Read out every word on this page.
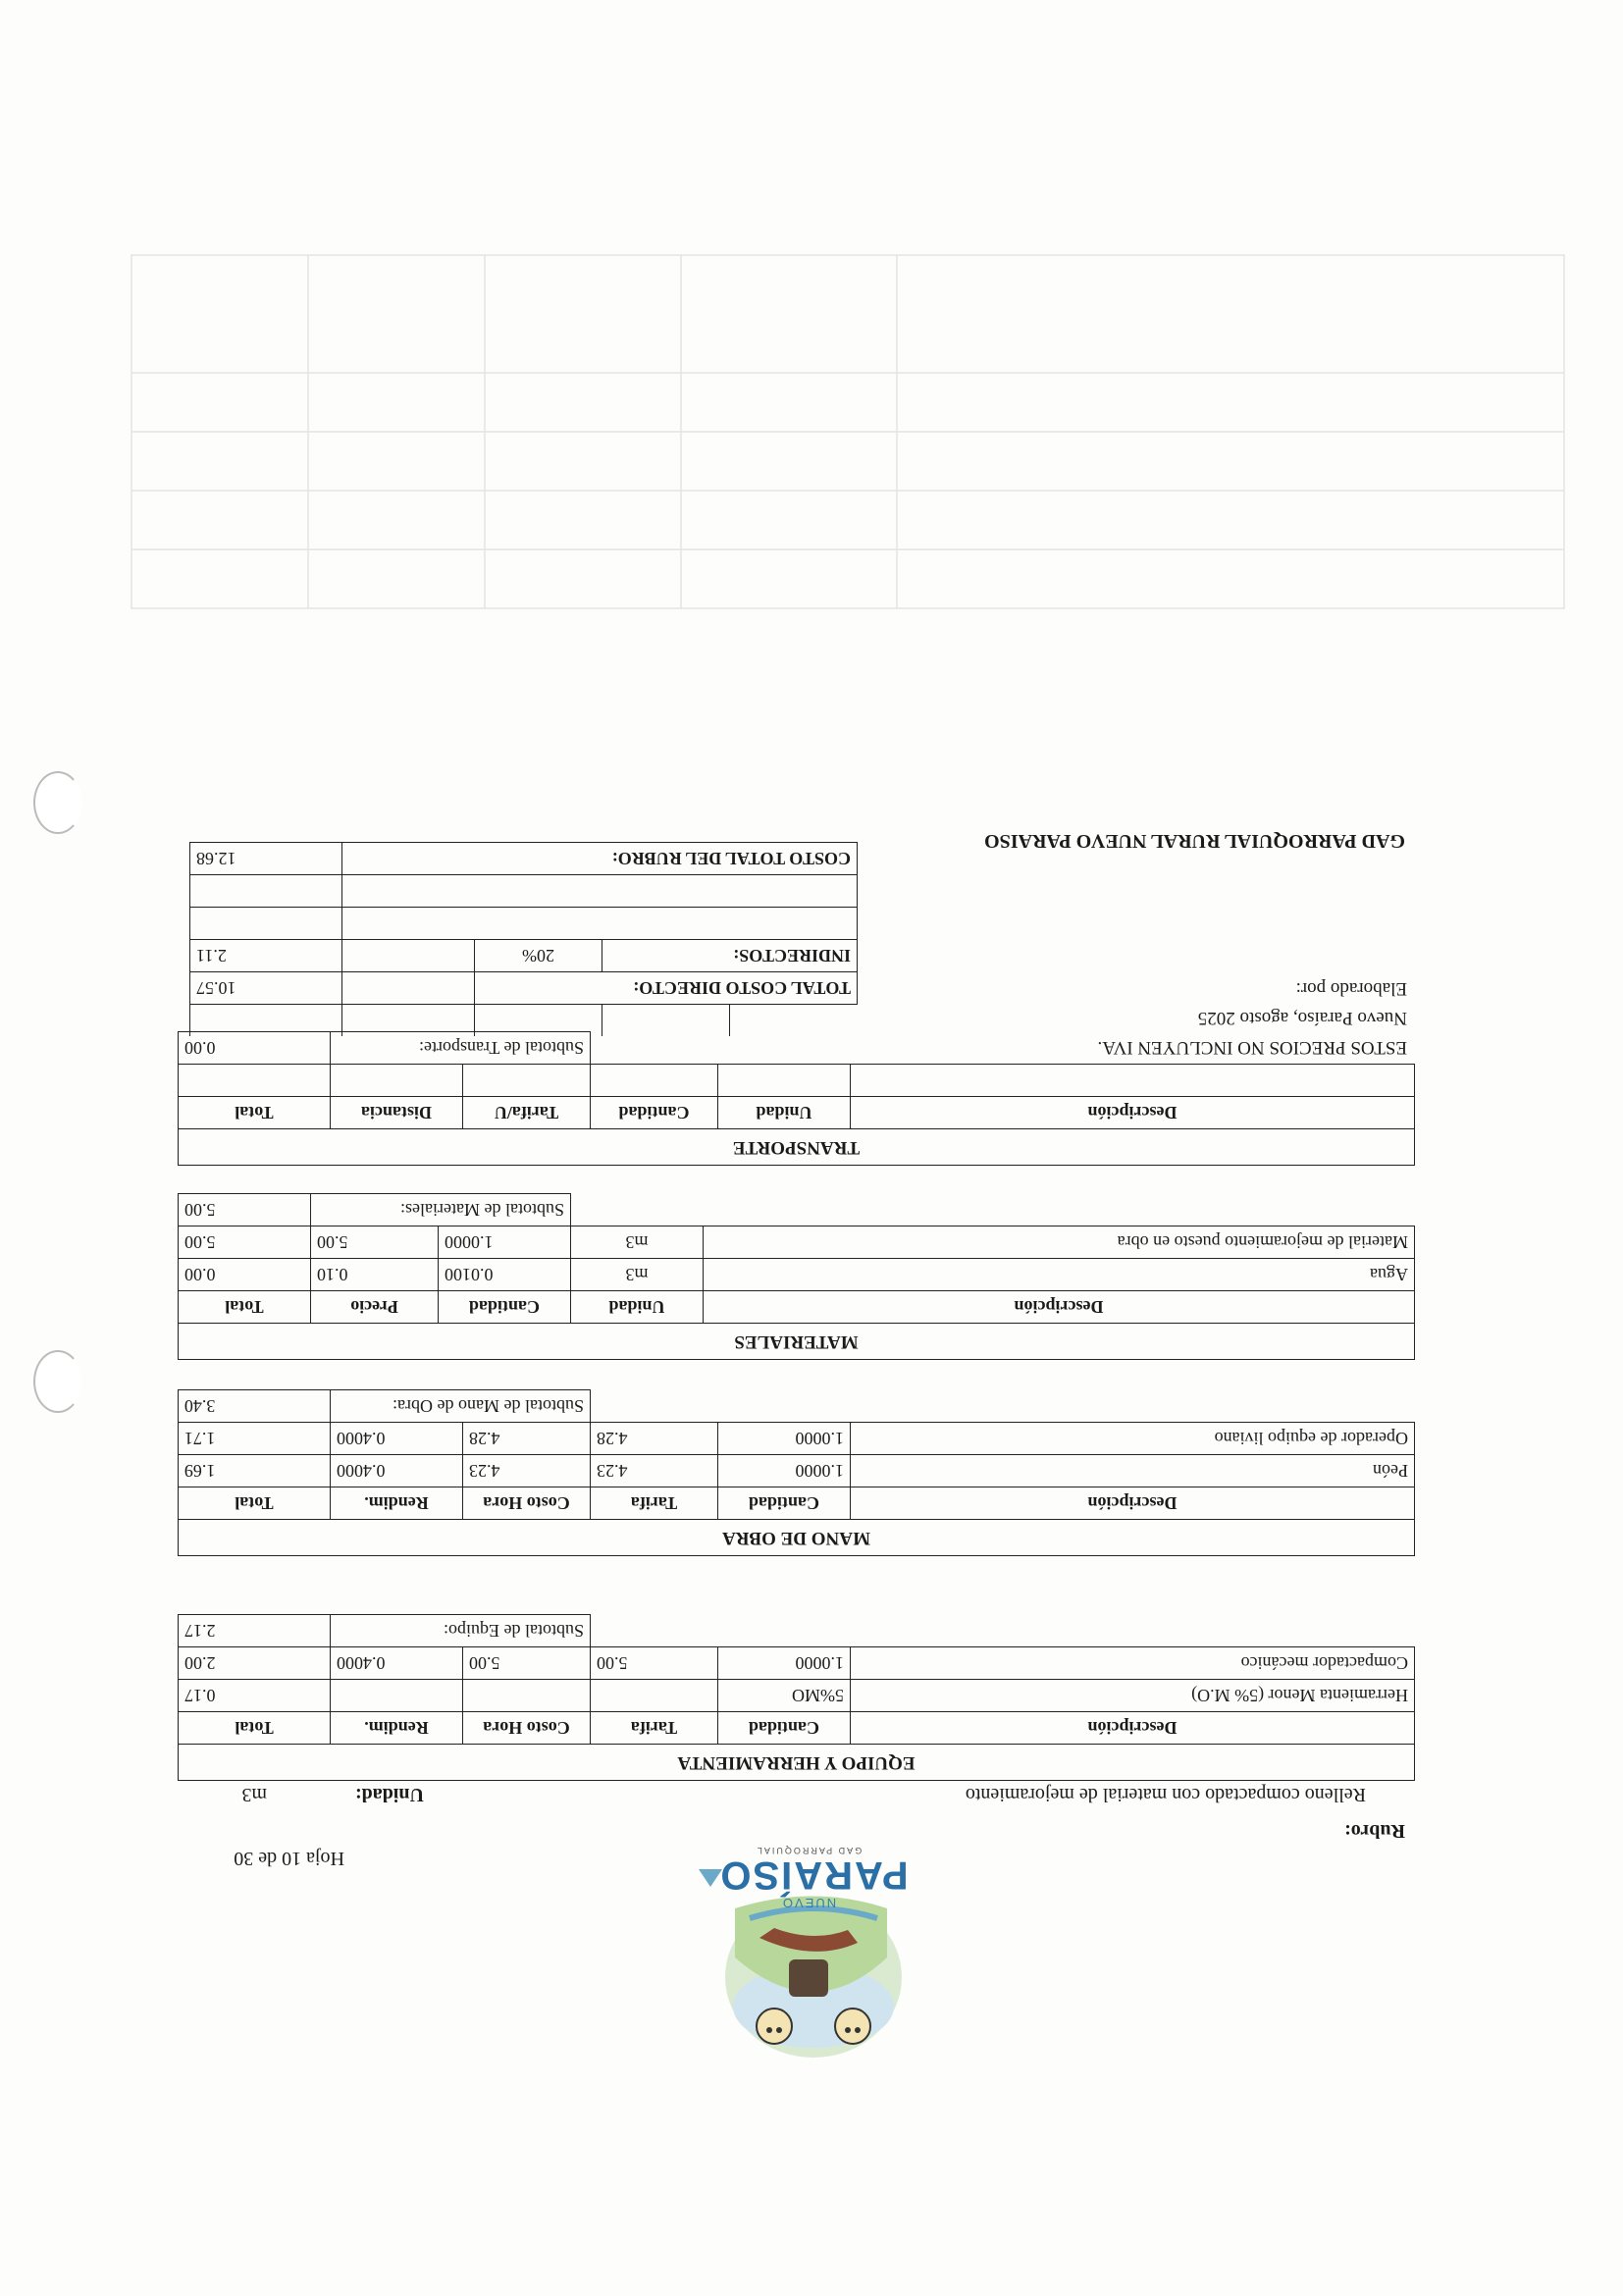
NUEVO
PARAÍSO
GAD PARROQUIAL
Hoja 10 de 30
Rubro:
Relleno compactado con material de mejoramiento
Unidad:
m3
EQUIPO Y HERRAMIENTA					
Descripción	Cantidad	Tarifa	Costo Hora	Rendim.	Total
Herramienta Menor (5% M.O)	5%MO				0.17
Compactador mecánico	1.0000	5.00	5.00	0.4000	2.00
			Subtotal de Equipo:		2.17
MANO DE OBRA					
Descripción	Cantidad	Tarifa	Costo Hora	Rendim.	Total
Peón	1.0000	4.23	4.23	0.4000	1.69
Operador de equipo liviano	1.0000	4.28	4.28	0.4000	1.71
			Subtotal de Mano de Obra:		3.40
MATERIALES				
Descripción	Unidad	Cantidad	Precio	Total
Agua	m3	0.0100	0.10	0.00
Material de mejoramiento puesto en obra	m3	1.0000	5.00	5.00
		Subtotal de Materiales:		5.00
TRANSPORTE					
Descripción	Unidad	Cantidad	Tarifa/U	Distancia	Total

			Subtotal de Transporte:		0.00	ESTOS PRECIOS NO INCLUYEN IVA.
Nuevo Paraíso, agosto 2025
Elaborado por:
GAD PARROQUIAL RURAL NUEVO PARAISO

TOTAL COSTO DIRECTO:				10.57
INDIRECTOS:		20%		2.11

COSTO TOTAL DEL RUBRO:				12.68
